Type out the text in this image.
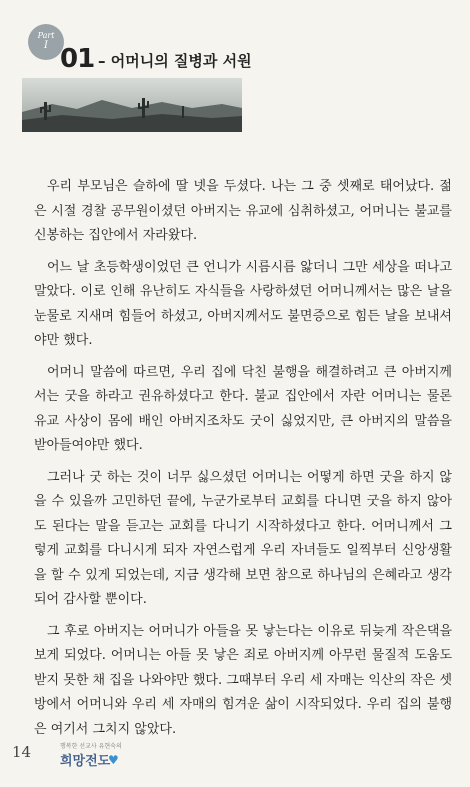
Part
I 01 – 어머니의 질병과 서원

우리 부모님은 슬하에 딸 넷을 두셨다. 나는 그 중 셋째로 태어났다. 젊은 시절 경찰 공무원이셨던 아버지는 유교에 심취하셨고, 어머니는 불교를 신봉하는 집안에서 자라왔다.

어느 날 초등학생이었던 큰 언니가 시름시름 앓더니 그만 세상을 떠나고 말았다. 이로 인해 유난히도 자식들을 사랑하셨던 어머니께서는 많은 날을 눈물로 지새며 힘들어 하셨고, 아버지께서도 불면증으로 힘든 날을 보내셔야만 했다.

어머니 말씀에 따르면, 우리 집에 닥친 불행을 해결하려고 큰 아버지께서는 굿을 하라고 권유하셨다고 한다. 불교 집안에서 자란 어머니는 물론 유교 사상이 몸에 배인 아버지조차도 굿이 싫었지만, 큰 아버지의 말씀을 받아들여야만 했다.

그러나 굿 하는 것이 너무 싫으셨던 어머니는 어떻게 하면 굿을 하지 않을 수 있을까 고민하던 끝에, 누군가로부터 교회를 다니면 굿을 하지 않아도 된다는 말을 듣고는 교회를 다니기 시작하셨다고 한다. 어머니께서 그렇게 교회를 다니시게 되자 자연스럽게 우리 자녀들도 일찍부터 신앙생활을 할 수 있게 되었는데, 지금 생각해 보면 참으로 하나님의 은혜라고 생각되어 감사할 뿐이다.

그 후로 아버지는 어머니가 아들을 못 낳는다는 이유로 뒤늦게 작은댁을 보게 되었다. 어머니는 아들 못 낳은 죄로 아버지께 아무런 물질적 도움도 받지 못한 채 집을 나와야만 했다. 그때부터 우리 세 자매는 익산의 작은 셋방에서 어머니와 우리 세 자매의 힘겨운 삶이 시작되었다. 우리 집의 불행은 여기서 그치지 않았다.

14	행복한 선교사 유현숙의
희망전도
♥
